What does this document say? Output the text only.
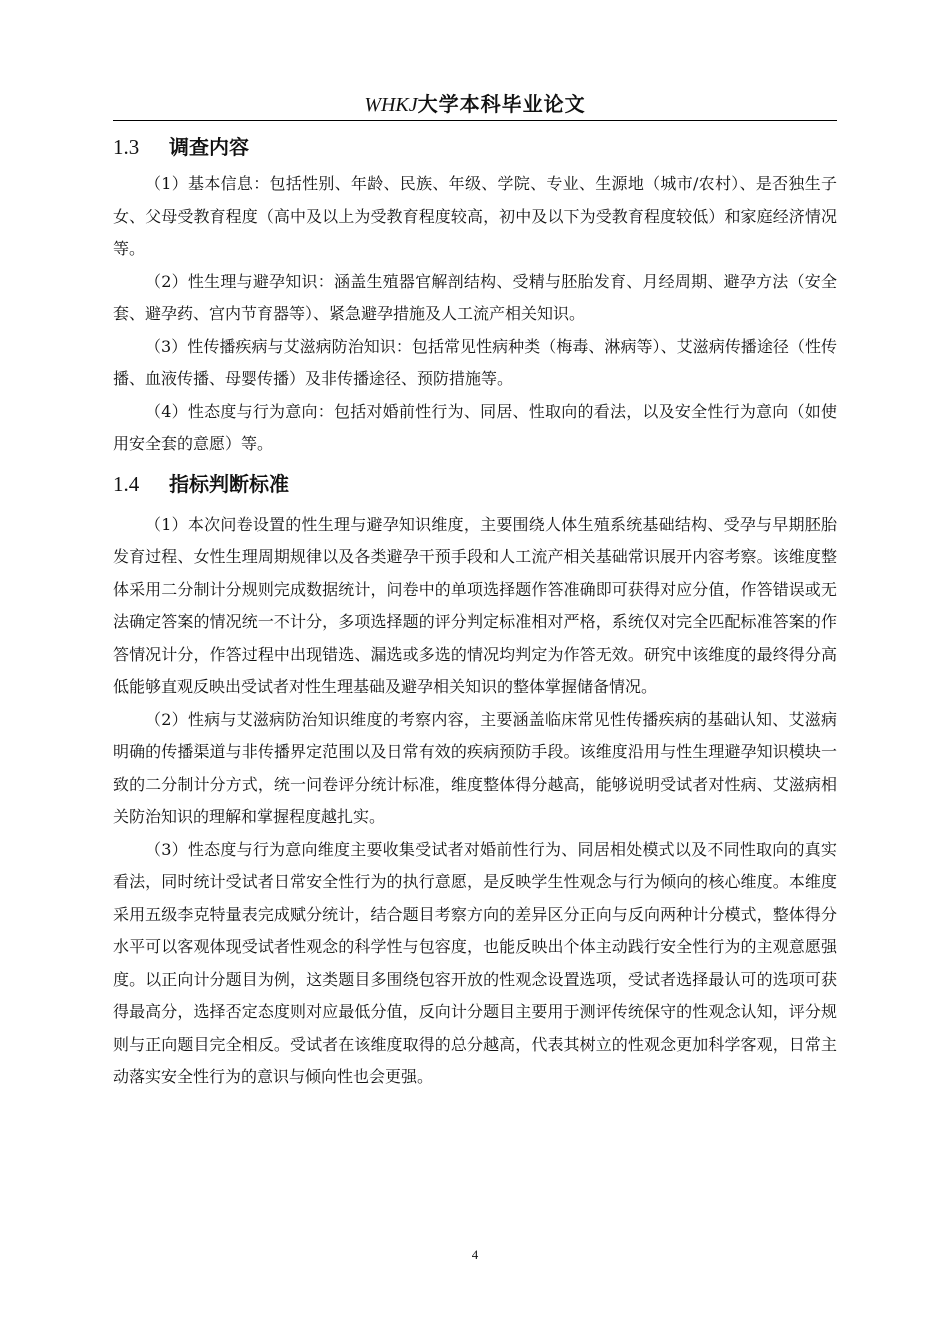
WHKJ大学本科毕业论文
1.3 调查内容

（1）基本信息：包括性别、年龄、民族、年级、学院、专业、生源地（城市/农村）、是否独生子女、父母受教育程度（高中及以上为受教育程度较高，初中及以下为受教育程度较低）和家庭经济情况等。

（2）性生理与避孕知识：涵盖生殖器官解剖结构、受精与胚胎发育、月经周期、避孕方法（安全套、避孕药、宫内节育器等）、紧急避孕措施及人工流产相关知识。

（3）性传播疾病与艾滋病防治知识：包括常见性病种类（梅毒、淋病等）、艾滋病传播途径（性传播、血液传播、母婴传播）及非传播途径、预防措施等。

（4）性态度与行为意向：包括对婚前性行为、同居、性取向的看法，以及安全性行为意向（如使用安全套的意愿）等。

1.4 指标判断标准

（1）本次问卷设置的性生理与避孕知识维度，主要围绕人体生殖系统基础结构、受孕与早期胚胎发育过程、女性生理周期规律以及各类避孕干预手段和人工流产相关基础常识展开内容考察。该维度整体采用二分制计分规则完成数据统计，问卷中的单项选择题作答准确即可获得对应分值，作答错误或无法确定答案的情况统一不计分，多项选择题的评分判定标准相对严格，系统仅对完全匹配标准答案的作答情况计分，作答过程中出现错选、漏选或多选的情况均判定为作答无效。研究中该维度的最终得分高低能够直观反映出受试者对性生理基础及避孕相关知识的整体掌握储备情况。

（2）性病与艾滋病防治知识维度的考察内容，主要涵盖临床常见性传播疾病的基础认知、艾滋病明确的传播渠道与非传播界定范围以及日常有效的疾病预防手段。该维度沿用与性生理避孕知识模块一致的二分制计分方式，统一问卷评分统计标准，维度整体得分越高，能够说明受试者对性病、艾滋病相关防治知识的理解和掌握程度越扎实。

（3）性态度与行为意向维度主要收集受试者对婚前性行为、同居相处模式以及不同性取向的真实看法，同时统计受试者日常安全性行为的执行意愿，是反映学生性观念与行为倾向的核心维度。本维度采用五级李克特量表完成赋分统计，结合题目考察方向的差异区分正向与反向两种计分模式，整体得分水平可以客观体现受试者性观念的科学性与包容度，也能反映出个体主动践行安全性行为的主观意愿强度。以正向计分题目为例，这类题目多围绕包容开放的性观念设置选项，受试者选择最认可的选项可获得最高分，选择否定态度则对应最低分值，反向计分题目主要用于测评传统保守的性观念认知，评分规则与正向题目完全相反。受试者在该维度取得的总分越高，代表其树立的性观念更加科学客观，日常主动落实安全性行为的意识与倾向性也会更强。

4
